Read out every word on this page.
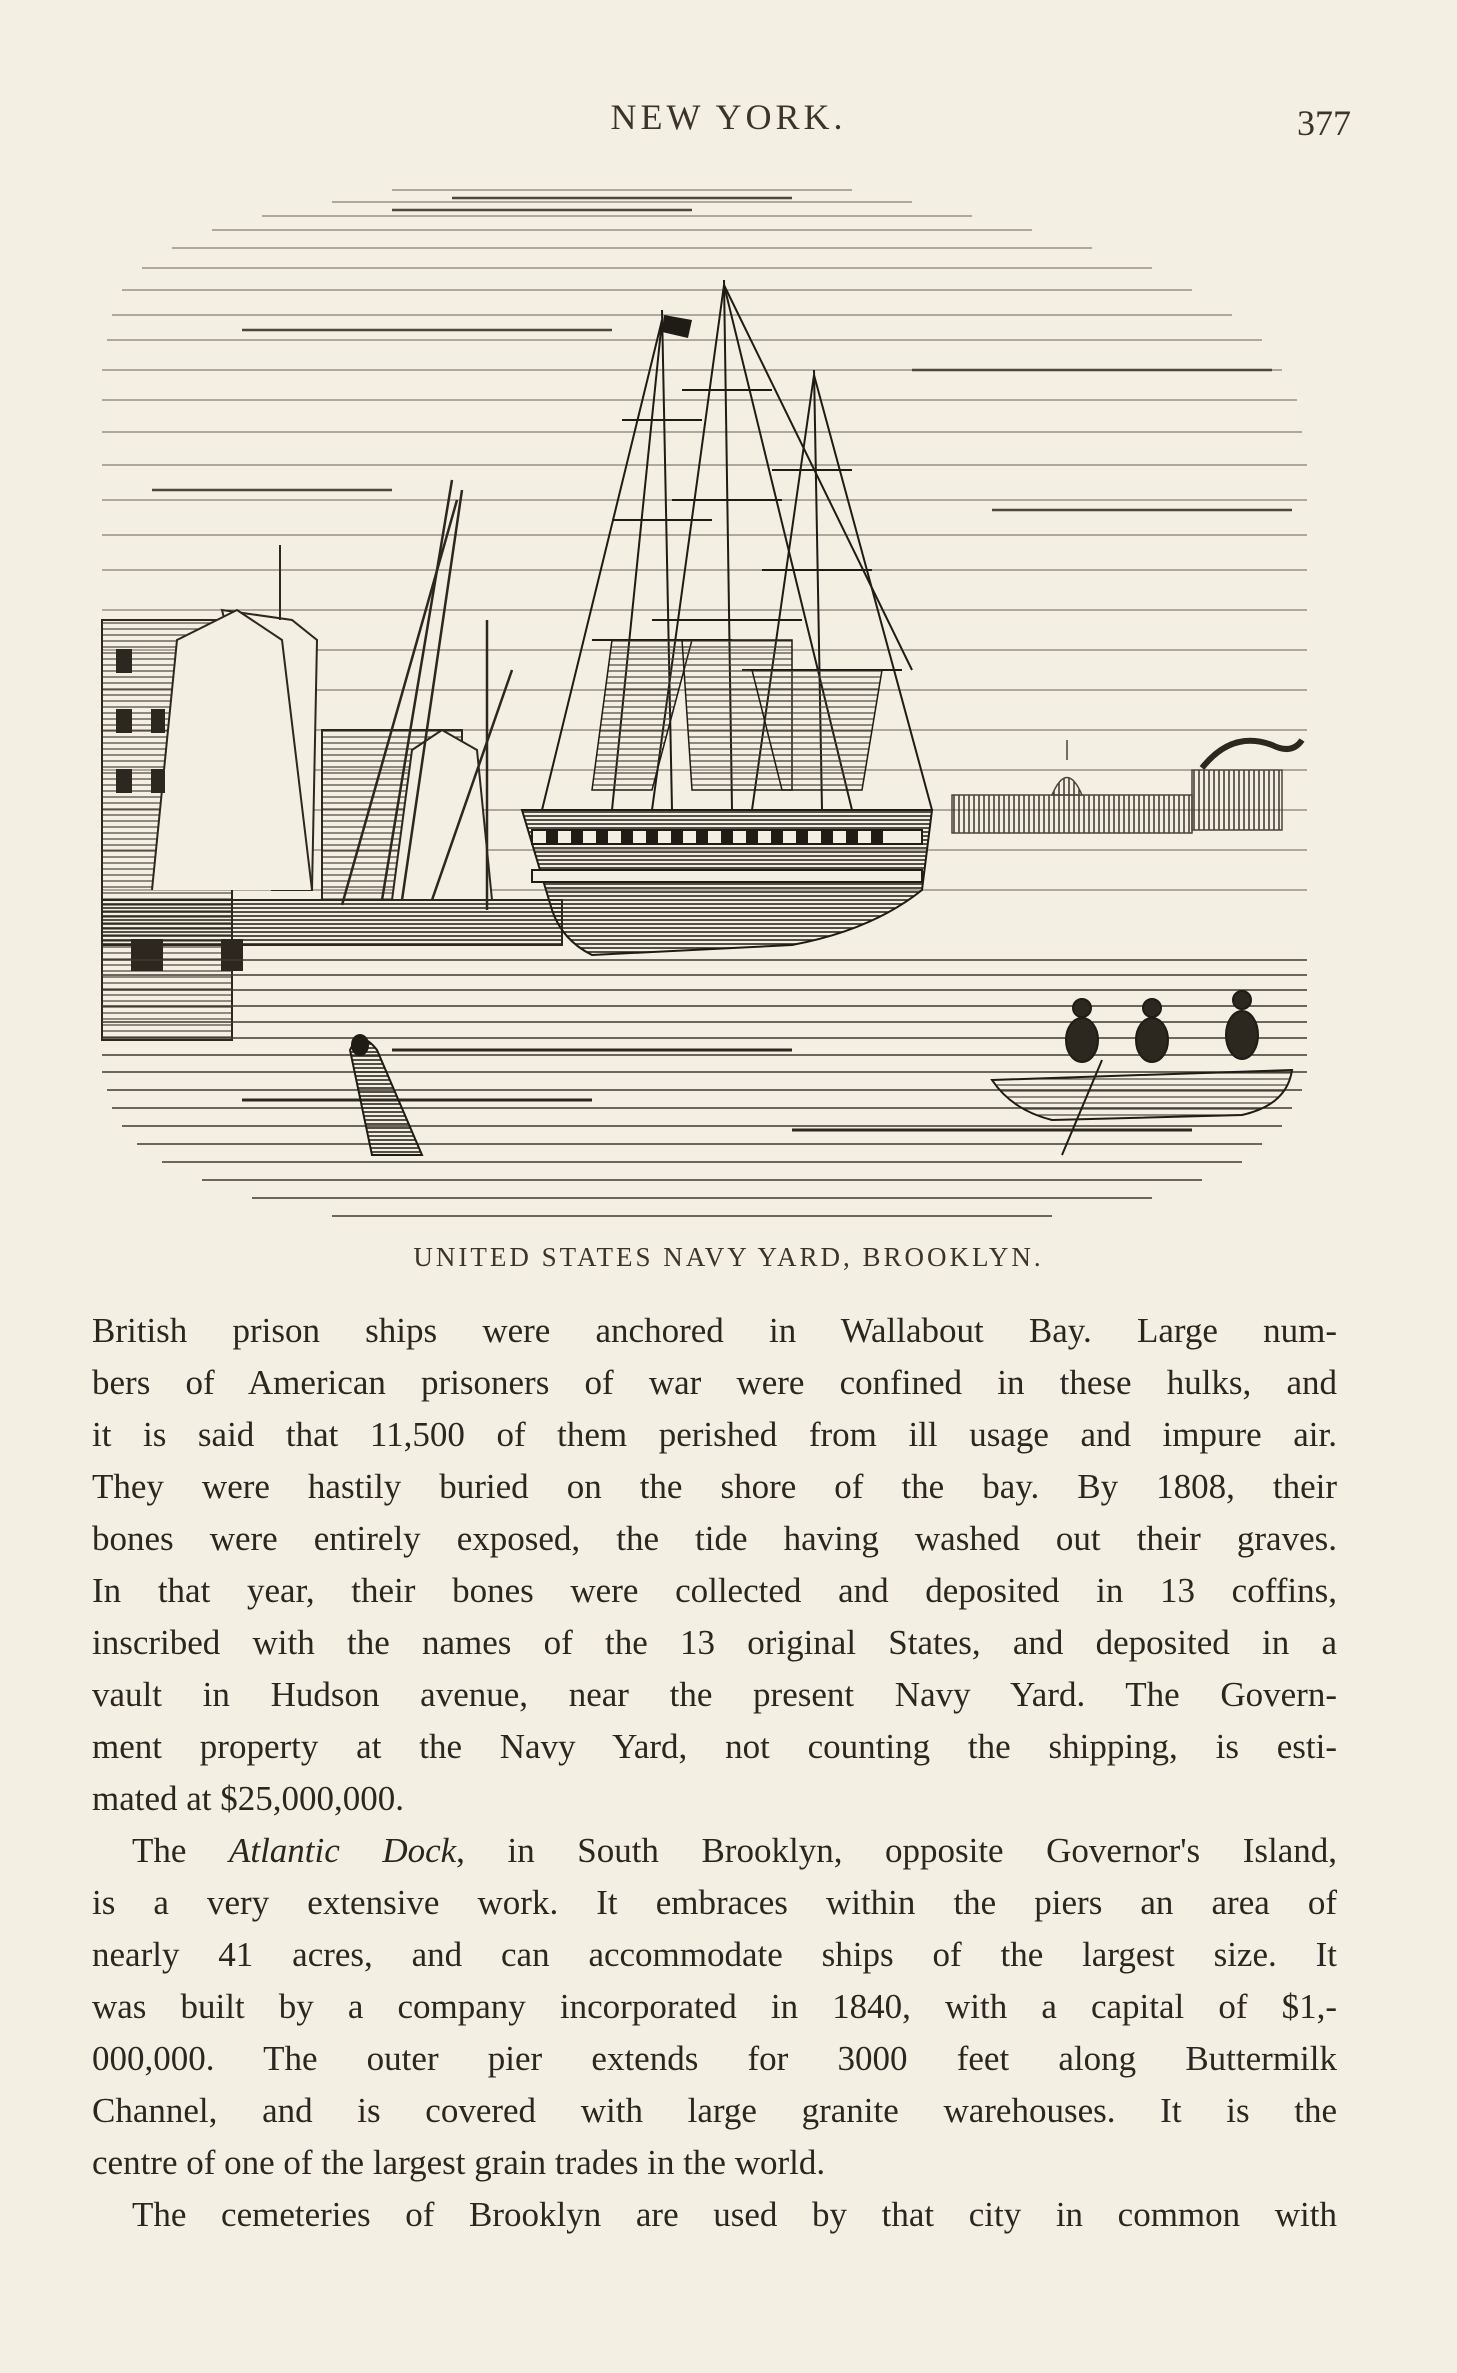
NEW YORK.	377
UNITED STATES NAVY YARD, BROOKLYN.
British prison ships were anchored in Wallabout Bay. Large num-
bers of American prisoners of war were confined in these hulks, and
it is said that 11,500 of them perished from ill usage and impure air.
They were hastily buried on the shore of the bay. By 1808, their
bones were entirely exposed, the tide having washed out their graves.
In that year, their bones were collected and deposited in 13 coffins,
inscribed with the names of the 13 original States, and deposited in a
vault in Hudson avenue, near the present Navy Yard. The Govern-
ment property at the Navy Yard, not counting the shipping, is esti-
mated at $25,000,000.
The Atlantic Dock, in South Brooklyn, opposite Governor's Island,
is a very extensive work. It embraces within the piers an area of
nearly 41 acres, and can accommodate ships of the largest size. It
was built by a company incorporated in 1840, with a capital of $1,-
000,000. The outer pier extends for 3000 feet along Buttermilk
Channel, and is covered with large granite warehouses. It is the
centre of one of the largest grain trades in the world.
The cemeteries of Brooklyn are used by that city in common with
